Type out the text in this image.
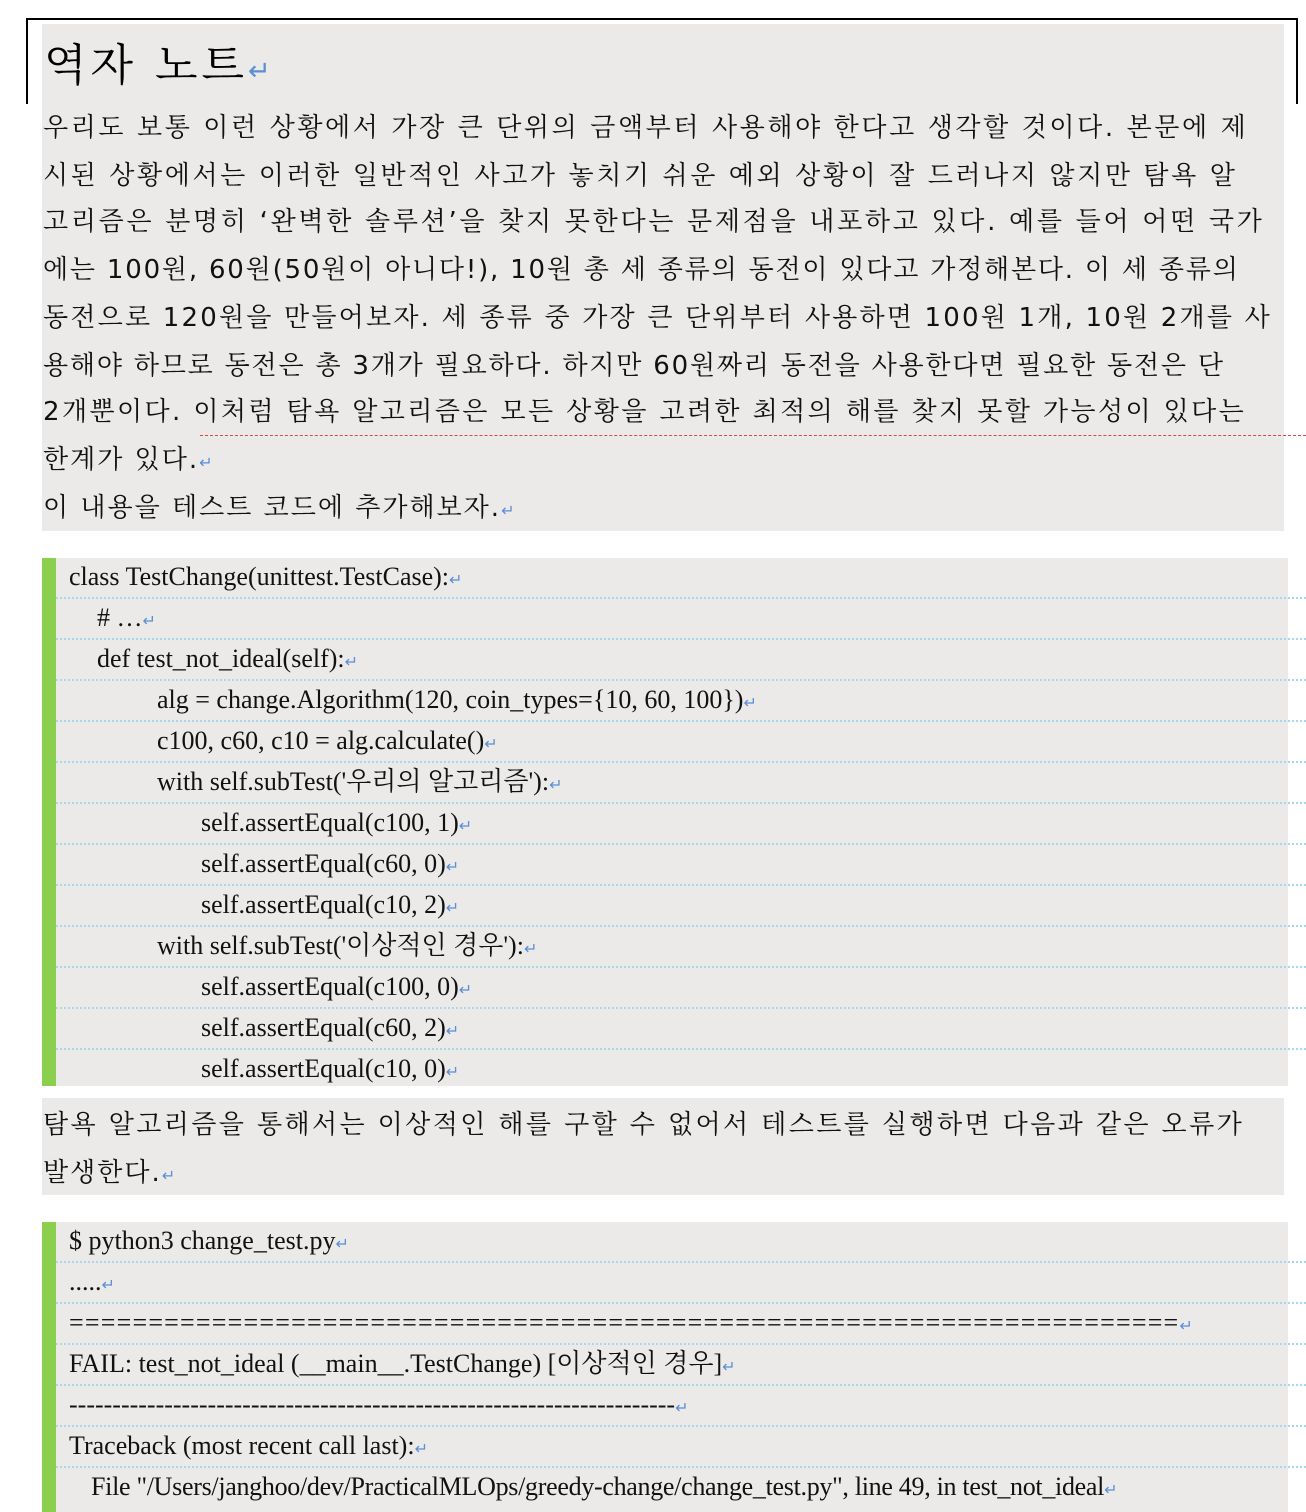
역자 노트↵
우리도 보통 이런 상황에서 가장 큰 단위의 금액부터 사용해야 한다고 생각할 것이다. 본문에 제
시된 상황에서는 이러한 일반적인 사고가 놓치기 쉬운 예외 상황이 잘 드러나지 않지만 탐욕 알
고리즘은 분명히 ‘완벽한 솔루션’을 찾지 못한다는 문제점을 내포하고 있다. 예를 들어 어떤 국가
에는 100원, 60원(50원이 아니다!), 10원 총 세 종류의 동전이 있다고 가정해본다. 이 세 종류의
동전으로 120원을 만들어보자. 세 종류 중 가장 큰 단위부터 사용하면 100원 1개, 10원 2개를 사
용해야 하므로 동전은 총 3개가 필요하다. 하지만 60원짜리 동전을 사용한다면 필요한 동전은 단
2개뿐이다. 이처럼 탐욕 알고리즘은 모든 상황을 고려한 최적의 해를 찾지 못할 가능성이 있다는
한계가 있다.↵
이 내용을 테스트 코드에 추가해보자.↵
class TestChange(unittest.TestCase):↵
# …↵
def test_not_ideal(self):↵
alg = change.Algorithm(120, coin_types={10, 60, 100})↵
c100, c60, c10 = alg.calculate()↵
with self.subTest('우리의 알고리즘'):↵
self.assertEqual(c100, 1)↵
self.assertEqual(c60, 0)↵
self.assertEqual(c10, 2)↵
with self.subTest('이상적인 경우'):↵
self.assertEqual(c100, 0)↵
self.assertEqual(c60, 2)↵
self.assertEqual(c10, 0)↵
탐욕 알고리즘을 통해서는 이상적인 해를 구할 수 없어서 테스트를 실행하면 다음과 같은 오류가
발생한다.↵
$ python3 change_test.py↵
.....↵
======================================================================↵
FAIL: test_not_ideal (__main__.TestChange) [이상적인 경우]↵
----------------------------------------------------------------------↵
Traceback (most recent call last):↵
File "/Users/janghoo/dev/PracticalMLOps/greedy-change/change_test.py", line 49, in test_not_ideal↵
